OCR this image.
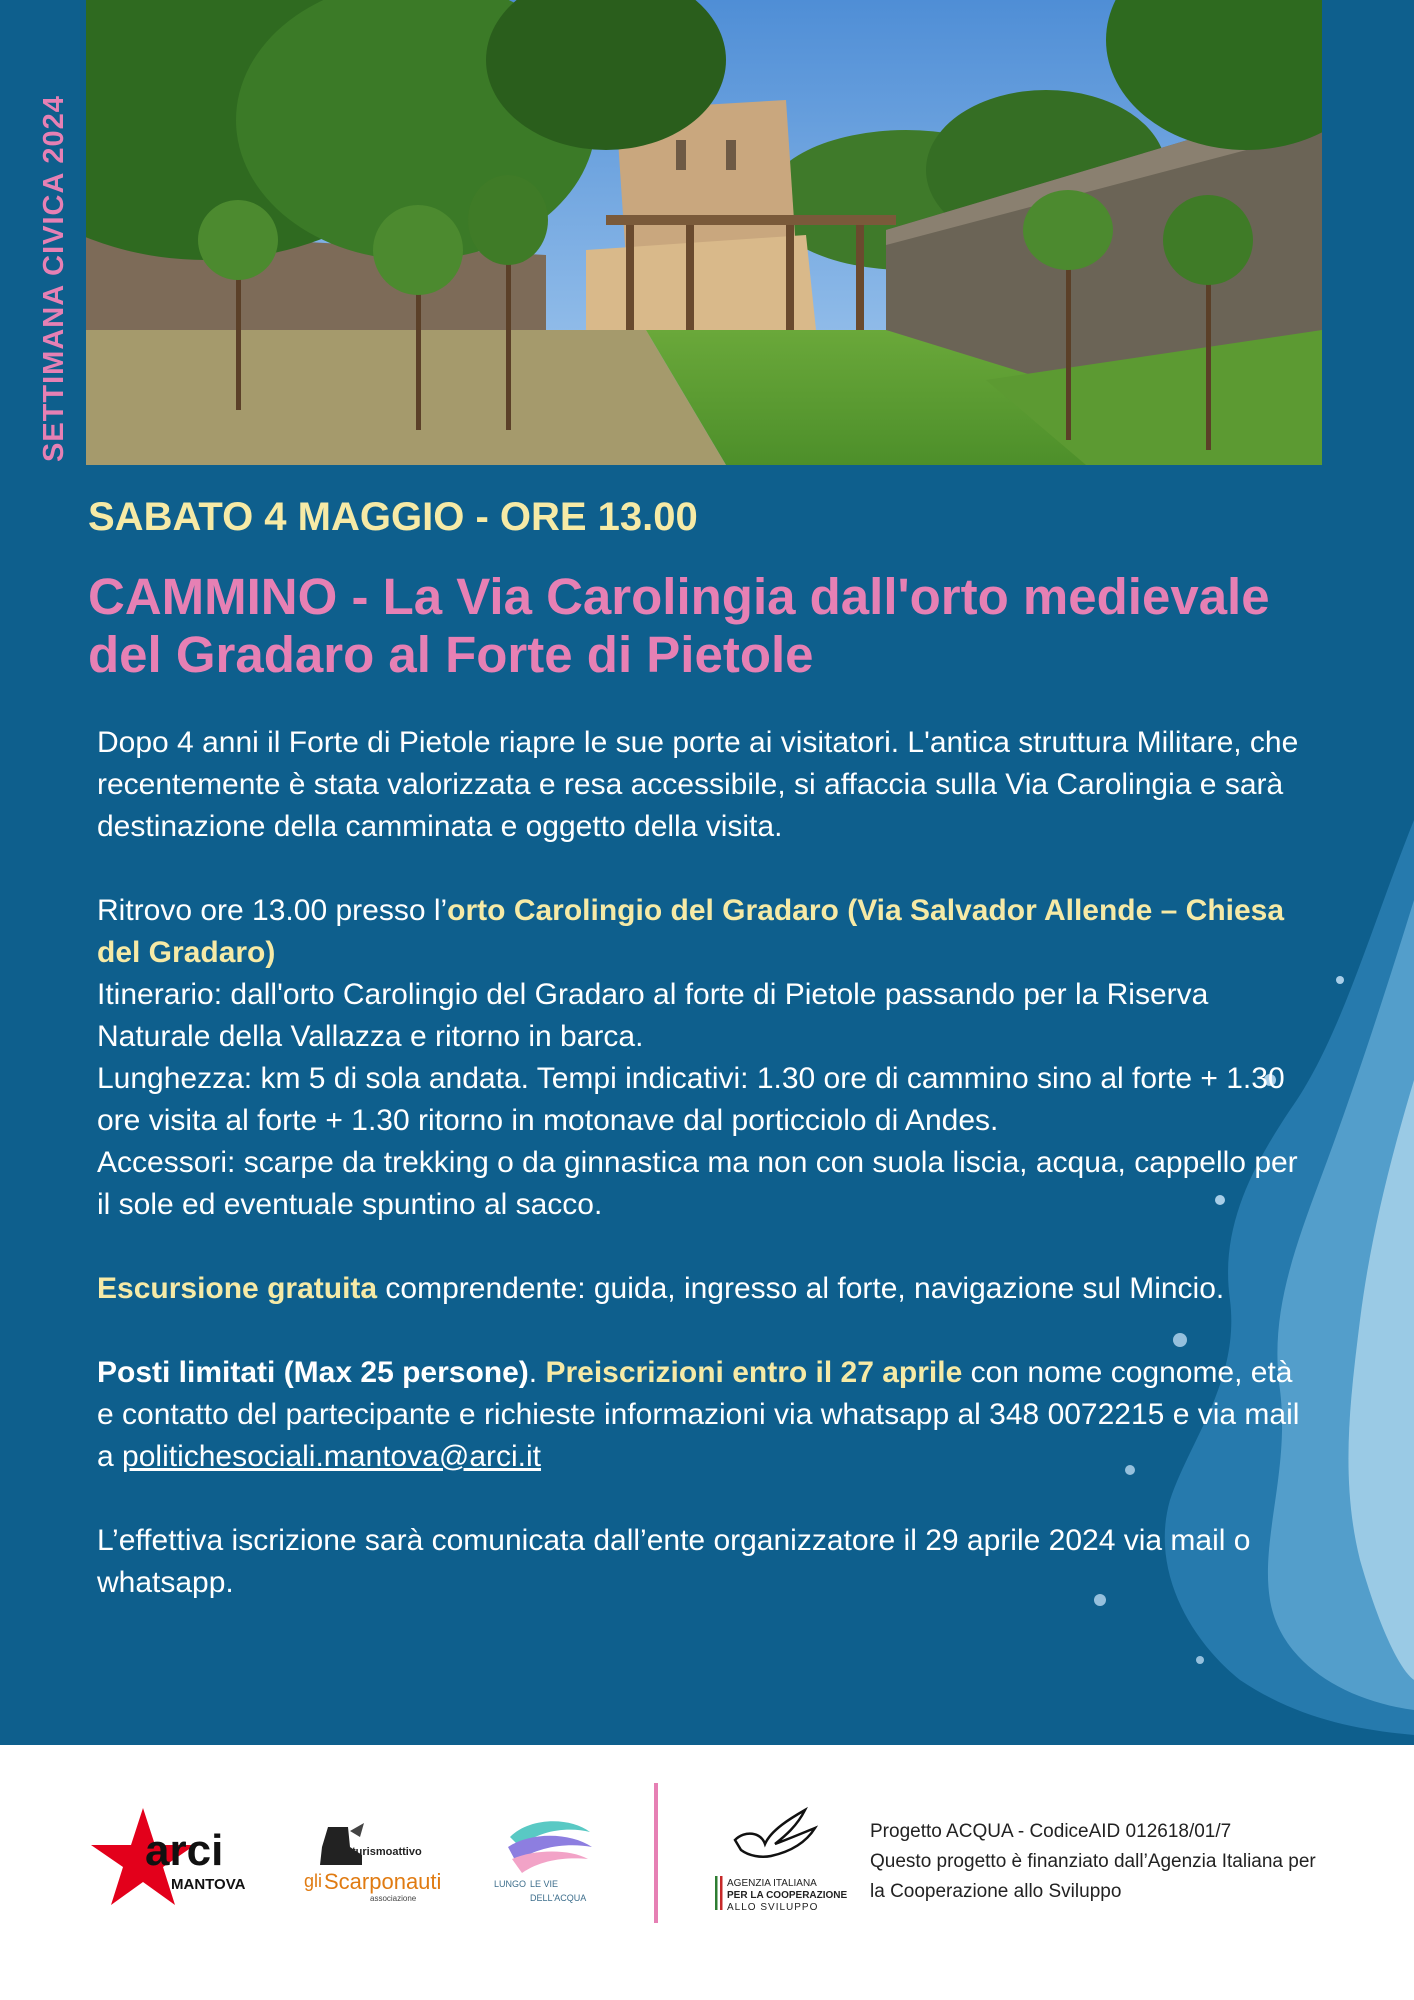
SETTIMANA CIVICA 2024
SABATO 4 MAGGIO - ORE 13.00
CAMMINO - La Via Carolingia dall'orto medievale del Gradaro al Forte di Pietole

Dopo 4 anni il Forte di Pietole riapre le sue porte ai visitatori. L'antica struttura Militare, che recentemente è stata valorizzata e resa accessibile, si affaccia sulla Via Carolingia e sarà destinazione della camminata e oggetto della visita.

Ritrovo ore 13.00 presso l’orto Carolingio del Gradaro (Via Salvador Allende – Chiesa del Gradaro)
Itinerario: dall'orto Carolingio del Gradaro al forte di Pietole passando per la Riserva Naturale della Vallazza e ritorno in barca.
Lunghezza: km 5 di sola andata. Tempi indicativi: 1.30 ore di cammino sino al forte + 1.30 ore visita al forte + 1.30 ritorno in motonave dal porticciolo di Andes.
Accessori: scarpe da trekking o da ginnastica ma non con suola liscia, acqua, cappello per il sole ed eventuale spuntino al sacco.

Escursione gratuita comprendente: guida, ingresso al forte, navigazione sul Mincio.

Posti limitati (Max 25 persone). Preiscrizioni entro il 27 aprile con nome cognome, età e contatto del partecipante e richieste informazioni via whatsapp al 348 0072215 e via mail a politichesociali.mantova@arci.it

L’effettiva iscrizione sarà comunicata dall’ente organizzatore il 29 aprile 2024 via mail o whatsapp.

arci
MANTOVA
turismoattivo
gli Scarponauti
associazione
LUNGO LE VIE
DELL'ACQUA
AGENZIA ITALIANA
PER LA COOPERAZIONE
ALLO SVILUPPO
Progetto ACQUA - CodiceAID 012618/01/7
Questo progetto è finanziato dall’Agenzia Italiana per la Cooperazione allo Sviluppo
